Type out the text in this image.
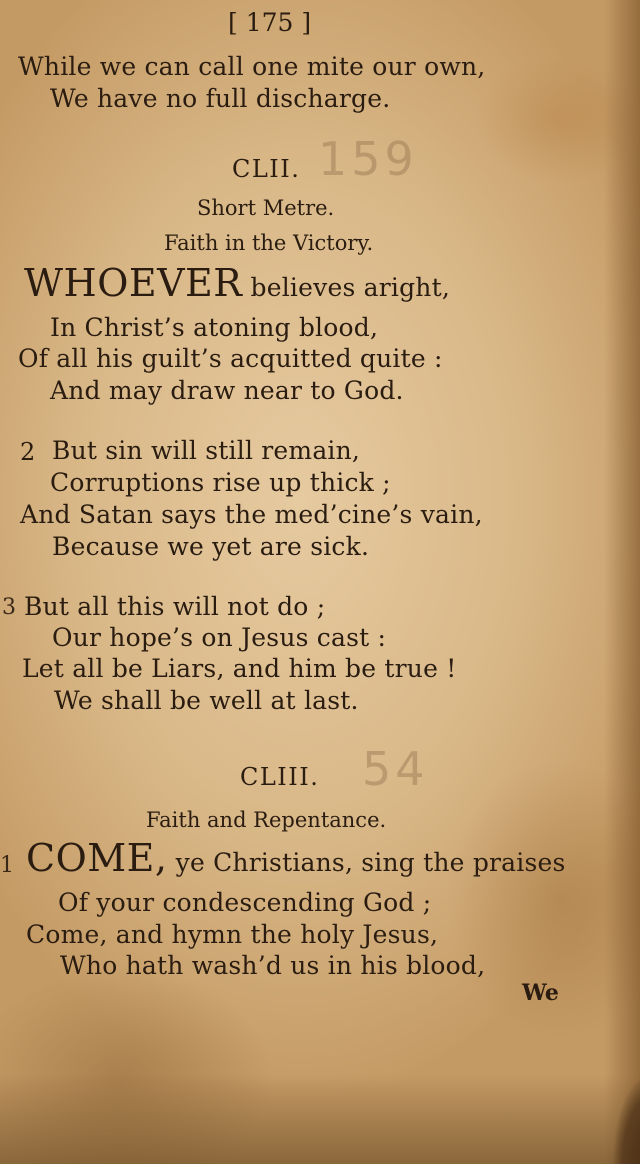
[ 175 ]
While we can call one mite our own,
We have no full discharge.
CLII. 159
Short Metre.
Faith in the Victory.
WHOEVER believes aright,
In Christ’s atoning blood,
Of all his guilt’s acquitted quite :
And may draw near to God.
2 But sin will still remain,
Corruptions rise up thick ;
And Satan says the med’cine’s vain,
Because we yet are sick.
3 But all this will not do ;
Our hope’s on Jesus cast :
Let all be Liars, and him be true !
We shall be well at last.
CLIII. 54
Faith and Repentance.
1 COME, ye Christians, sing the praises
Of your condescending God ;
Come, and hymn the holy Jesus,
Who hath wash’d us in his blood,
We
